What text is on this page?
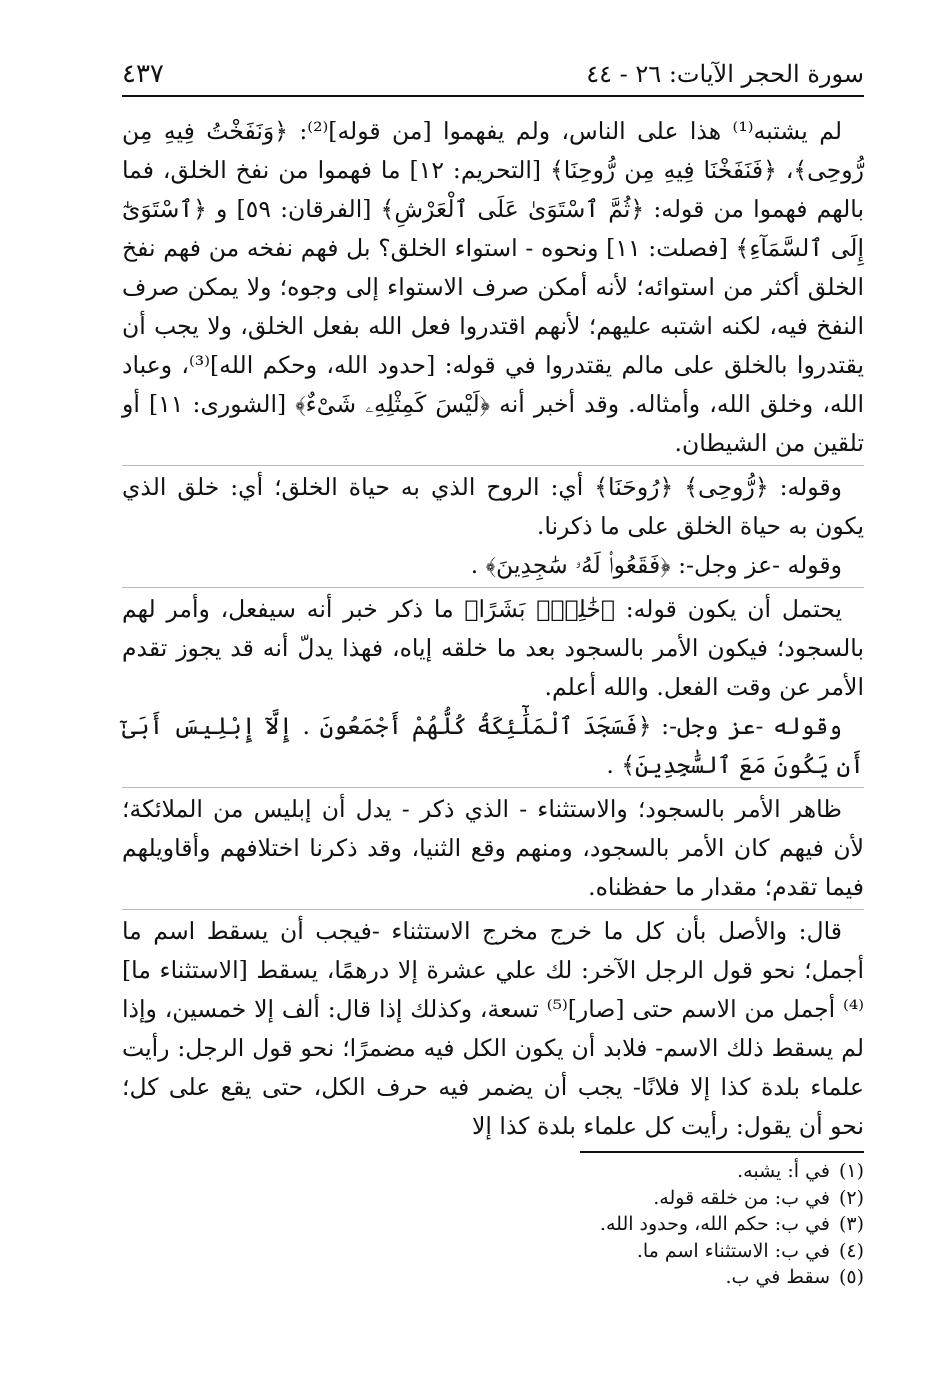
سورة الحجر الآيات: ٢٦ - ٤٤
٤٣٧

لم يشتبه⁽¹⁾ هذا على الناس، ولم يفهموا [من قوله]⁽²⁾: ﴿وَنَفَخْتُ فِيهِ مِن رُّوحِى﴾، ﴿فَنَفَخْنَا فِيهِ مِن رُّوحِنَا﴾ [التحريم: ١٢] ما فهموا من نفخ الخلق، فما بالهم فهموا من قوله: ﴿ثُمَّ ٱسْتَوَىٰ عَلَى ٱلْعَرْشِ﴾ [الفرقان: ٥٩] و ﴿ٱسْتَوَىٰٓ إِلَى ٱلسَّمَآءِ﴾ [فصلت: ١١] ونحوه - استواء الخلق؟ بل فهم نفخه من فهم نفخ الخلق أكثر من استوائه؛ لأنه أمكن صرف الاستواء إلى وجوه؛ ولا يمكن صرف النفخ فيه، لكنه اشتبه عليهم؛ لأنهم اقتدروا فعل الله بفعل الخلق، ولا يجب أن يقتدروا بالخلق على مالم يقتدروا في قوله: [حدود الله، وحكم الله]⁽³⁾، وعباد الله، وخلق الله، وأمثاله. وقد أخبر أنه ﴿لَيْسَ كَمِثْلِهِۦ شَىْءٌ﴾ [الشورى: ١١] أو تلقين من الشيطان.

وقوله: ﴿رُّوحِى﴾ ﴿رُوحَنَا﴾ أي: الروح الذي به حياة الخلق؛ أي: خلق الذي يكون به حياة الخلق على ما ذكرنا.

وقوله -عز وجل-: ﴿فَقَعُوا۟ لَهُۥ سَٰجِدِينَ﴾ .

يحتمل أن يكون قوله: ﴿خَٰلِقٌۢ بَشَرًا﴾ ما ذكر خبر أنه سيفعل، وأمر لهم بالسجود؛ فيكون الأمر بالسجود بعد ما خلقه إياه، فهذا يدلّ أنه قد يجوز تقدم الأمر عن وقت الفعل. والله أعلم.

وقوله -عز وجل-: ﴿فَسَجَدَ ٱلْمَلَٰٓئِكَةُ كُلُّهُمْ أَجْمَعُونَ . إِلَّآ إِبْلِيسَ أَبَىٰٓ أَن يَكُونَ مَعَ ٱلسَّٰجِدِينَ﴾ .

ظاهر الأمر بالسجود؛ والاستثناء - الذي ذكر - يدل أن إبليس من الملائكة؛ لأن فيهم كان الأمر بالسجود، ومنهم وقع الثنيا، وقد ذكرنا اختلافهم وأقاويلهم فيما تقدم؛ مقدار ما حفظناه.

قال: والأصل بأن كل ما خرج مخرج الاستثناء -فيجب أن يسقط اسم ما أجمل؛ نحو قول الرجل الآخر: لك علي عشرة إلا درهمًا، يسقط [الاستثناء ما]⁽⁴⁾ أجمل من الاسم حتى [صار]⁽⁵⁾ تسعة، وكذلك إذا قال: ألف إلا خمسين، وإذا لم يسقط ذلك الاسم- فلابد أن يكون الكل فيه مضمرًا؛ نحو قول الرجل: رأيت علماء بلدة كذا إلا فلانًا- يجب أن يضمر فيه حرف الكل، حتى يقع على كل؛ نحو أن يقول: رأيت كل علماء بلدة كذا إلا

(١)في أ: يشبه.
(٢)في ب: من خلقه قوله.
(٣)في ب: حكم الله، وحدود الله.
(٤)في ب: الاستثناء اسم ما.
(٥)سقط في ب.
